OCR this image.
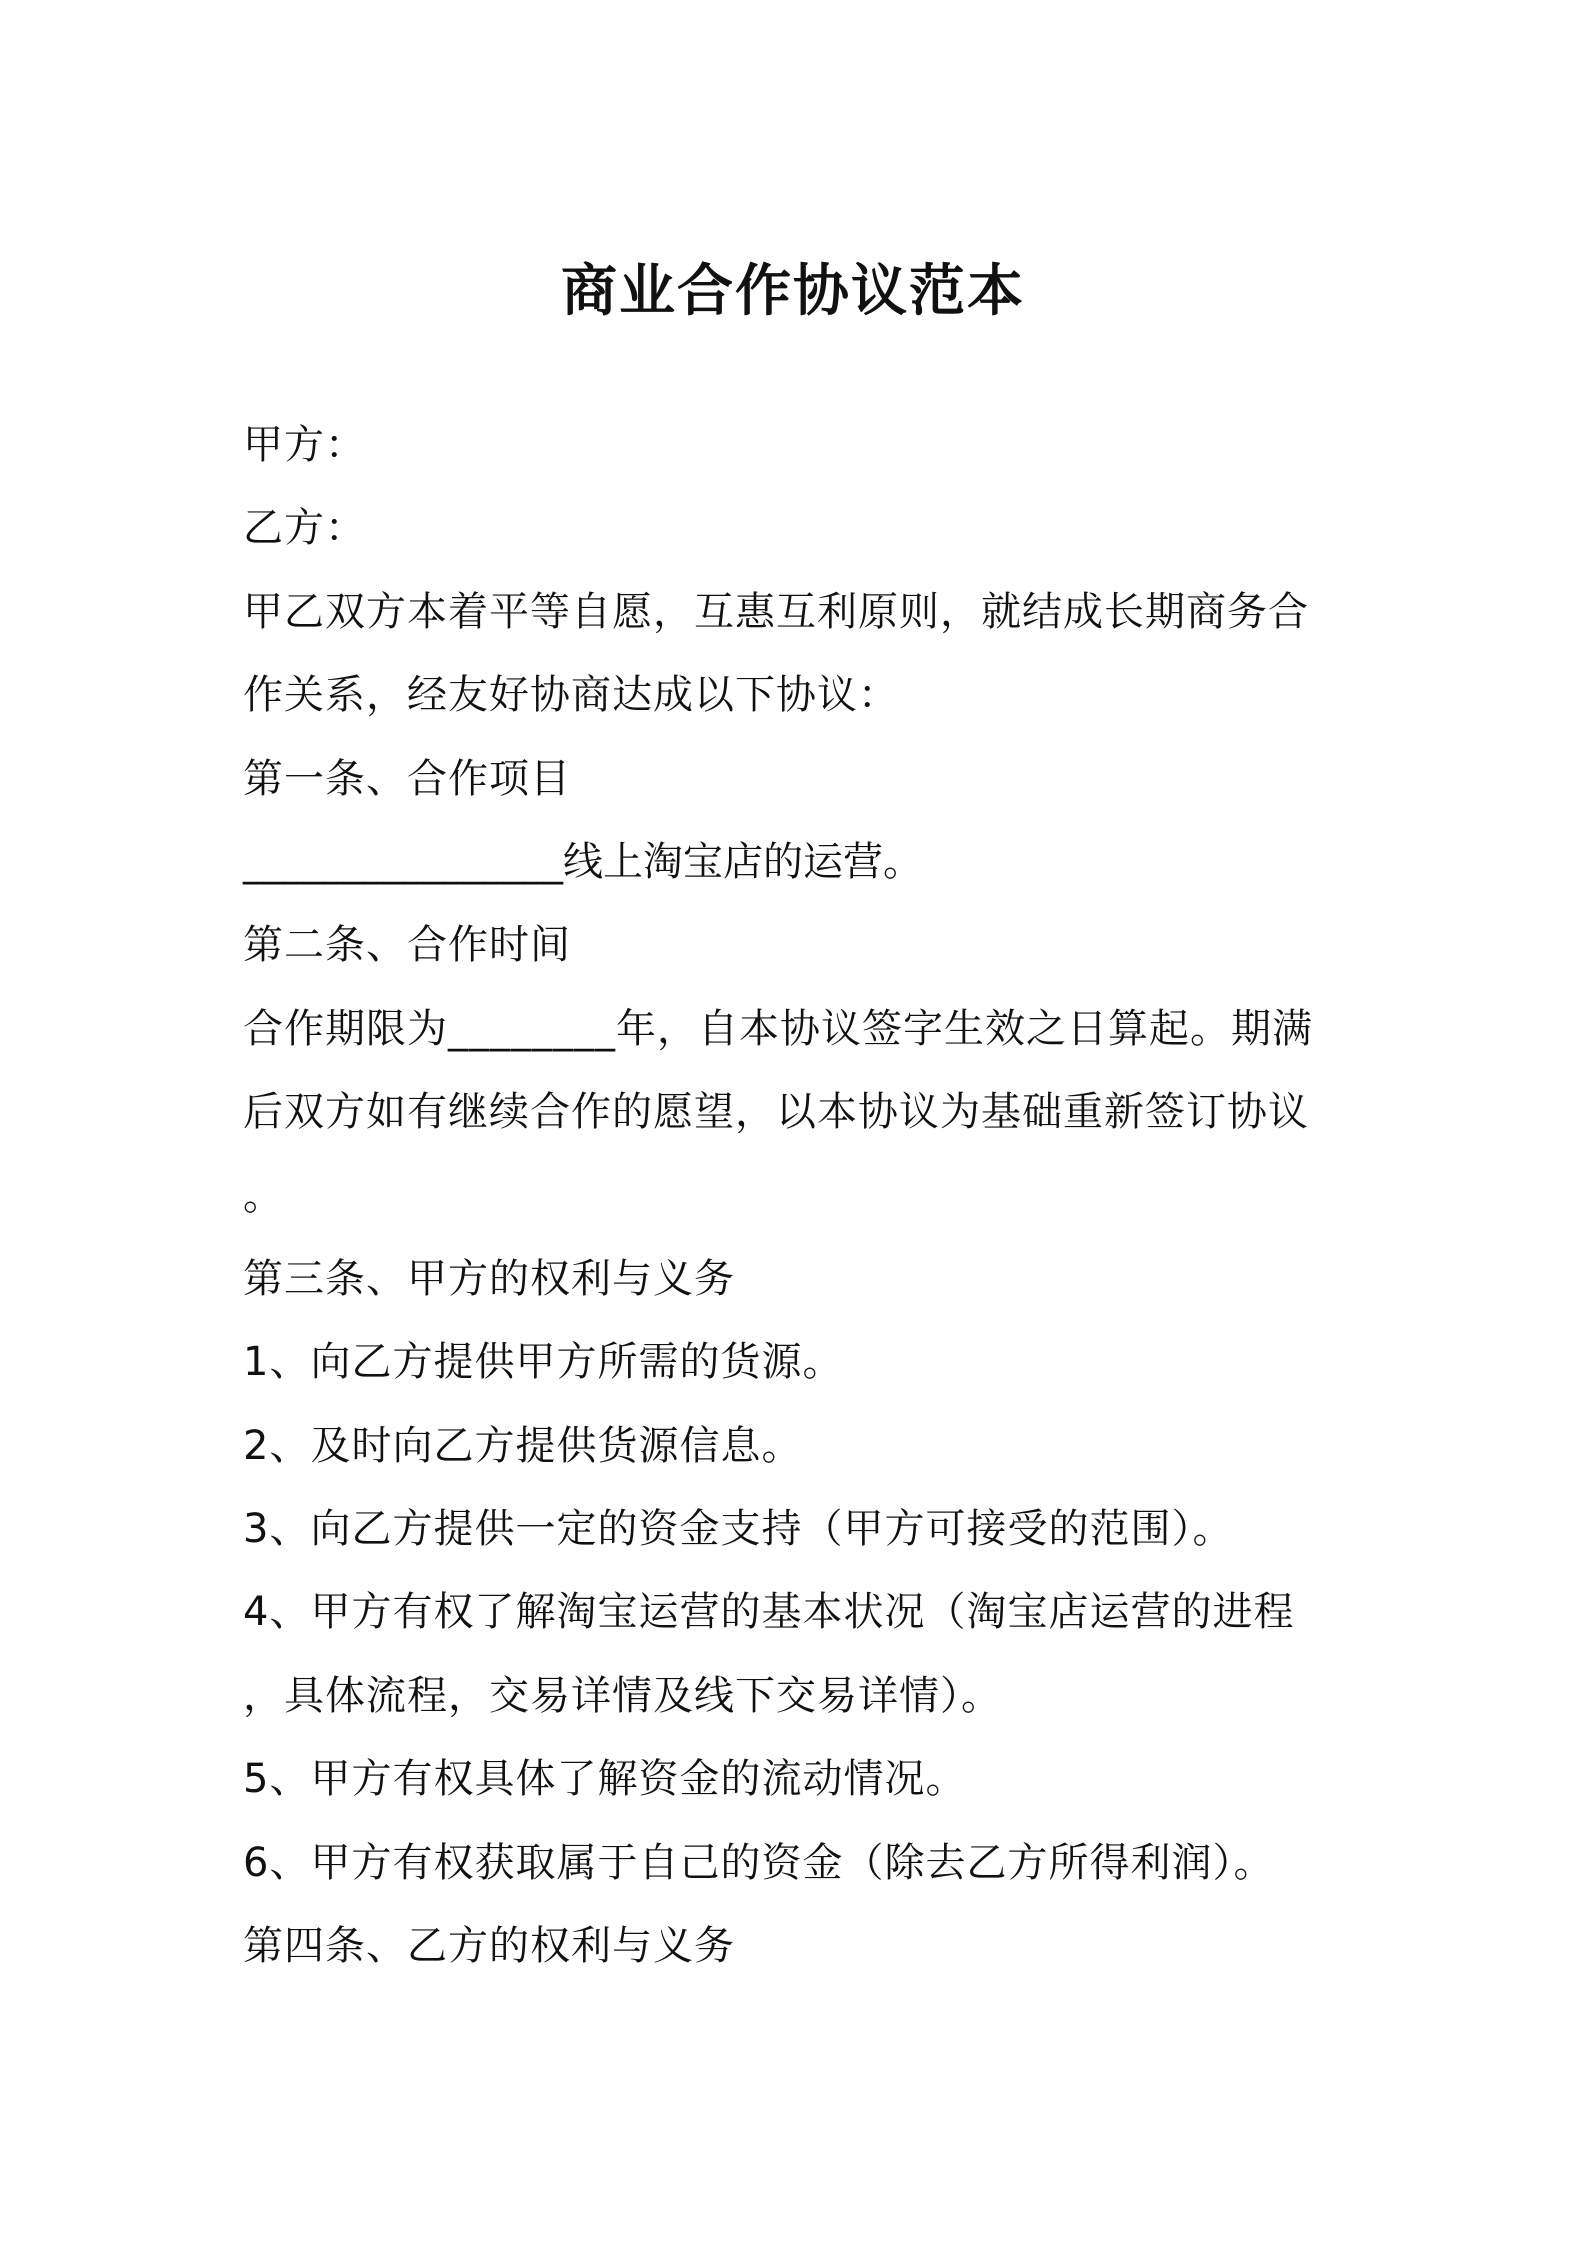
商业合作协议范本
甲方：
乙方：
甲乙双方本着平等自愿，互惠互利原则，就结成长期商务合
作关系，经友好协商达成以下协议：
第一条、合作项目
________________线上淘宝店的运营。
第二条、合作时间
合作期限为________年，自本协议签字生效之日算起。期满
后双方如有继续合作的愿望，以本协议为基础重新签订协议
。
第三条、甲方的权利与义务
1、向乙方提供甲方所需的货源。
2、及时向乙方提供货源信息。
3、向乙方提供一定的资金支持（甲方可接受的范围）。
4、甲方有权了解淘宝运营的基本状况（淘宝店运营的进程
，具体流程，交易详情及线下交易详情）。
5、甲方有权具体了解资金的流动情况。
6、甲方有权获取属于自己的资金（除去乙方所得利润）。
第四条、乙方的权利与义务
